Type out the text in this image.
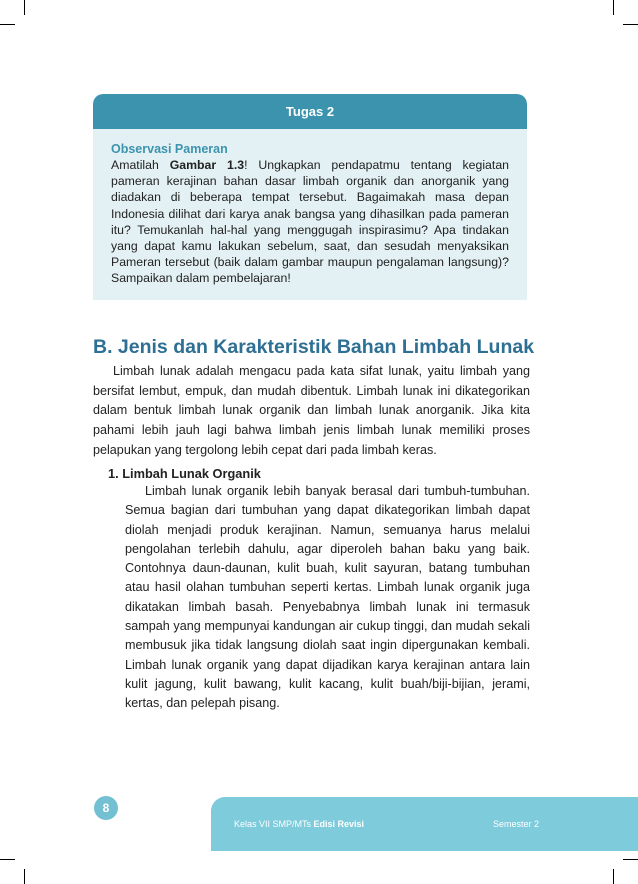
Tugas 2
Observasi Pameran
Amatilah Gambar 1.3! Ungkapkan pendapatmu tentang kegiatan pameran kerajinan bahan dasar limbah organik dan anorganik yang diadakan di beberapa tempat tersebut. Bagaimakah masa depan Indonesia dilihat dari karya anak bangsa yang dihasilkan pada pameran itu? Temukanlah hal-hal yang menggugah inspirasimu? Apa tindakan yang dapat kamu lakukan sebelum, saat, dan sesudah menyaksikan Pameran tersebut (baik dalam gambar maupun pengalaman langsung)? Sampaikan dalam pembelajaran!
B. Jenis dan Karakteristik Bahan Limbah Lunak
Limbah lunak adalah mengacu pada kata sifat lunak, yaitu limbah yang bersifat lembut, empuk, dan mudah dibentuk. Limbah lunak ini dikategorikan dalam bentuk limbah lunak organik dan limbah lunak anorganik. Jika kita pahami lebih jauh lagi bahwa limbah jenis limbah lunak memiliki proses pelapukan yang tergolong lebih cepat dari pada limbah keras.
1. Limbah Lunak Organik
Limbah lunak organik lebih banyak berasal dari tumbuh-tumbuhan. Semua bagian dari tumbuhan yang dapat dikategorikan limbah dapat diolah menjadi produk kerajinan. Namun, semuanya harus melalui pengolahan terlebih dahulu, agar diperoleh bahan baku yang baik. Contohnya daun-daunan, kulit buah, kulit sayuran, batang tumbuhan atau hasil olahan tumbuhan seperti kertas. Limbah lunak organik juga dikatakan limbah basah. Penyebabnya limbah lunak ini termasuk sampah yang mempunyai kandungan air cukup tinggi, dan mudah sekali membusuk jika tidak langsung diolah saat ingin dipergunakan kembali. Limbah lunak organik yang dapat dijadikan karya kerajinan antara lain kulit jagung, kulit bawang, kulit kacang, kulit buah/biji-bijian, jerami, kertas, dan pelepah pisang.
8
Kelas VII SMP/MTs Edisi Revisi	Semester 2
